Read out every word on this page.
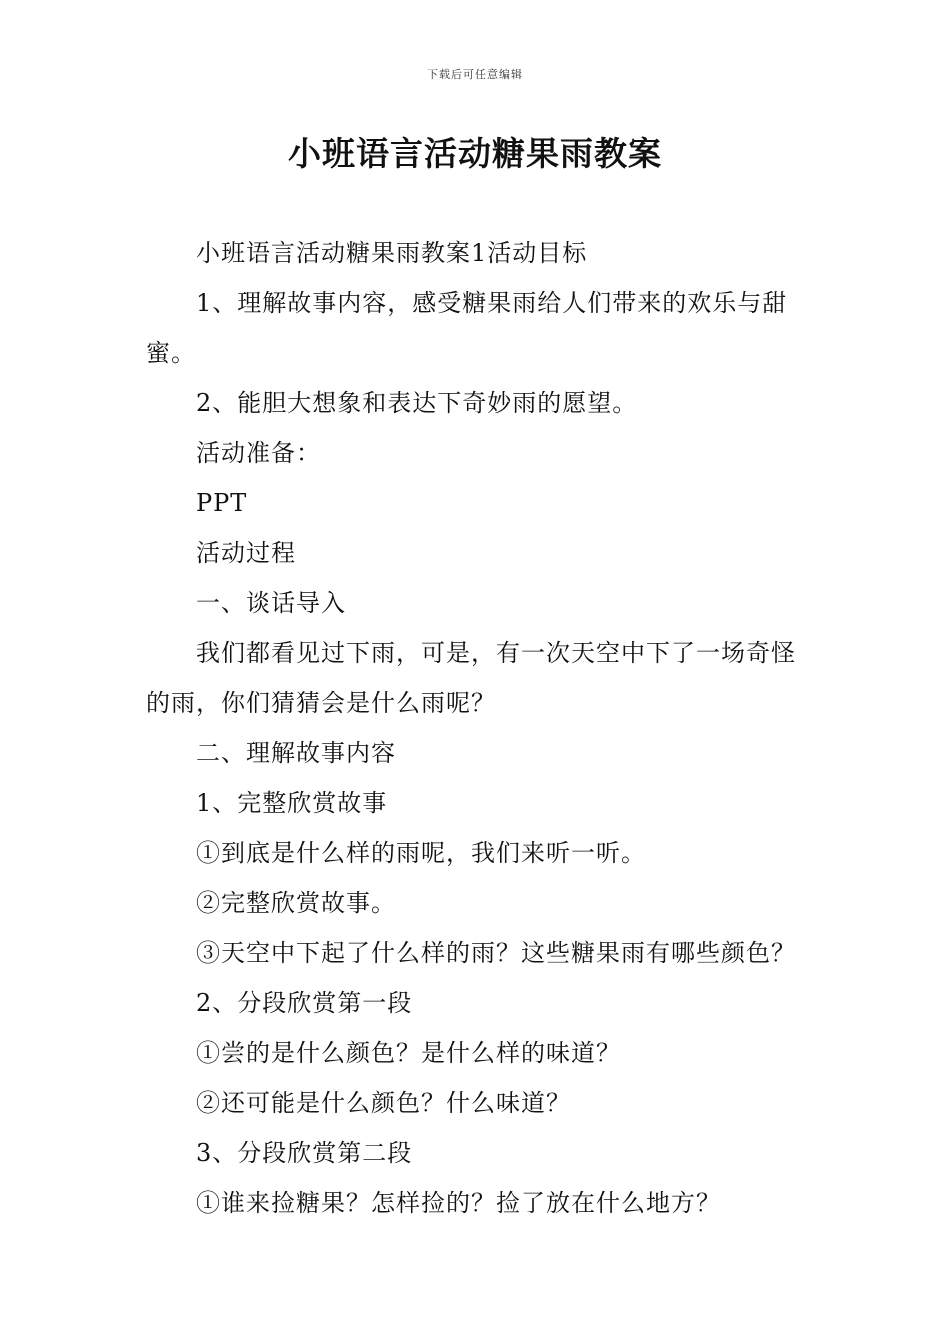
下载后可任意编辑
小班语言活动糖果雨教案

小班语言活动糖果雨教案1活动目标

1、理解故事内容，感受糖果雨给人们带来的欢乐与甜蜜。

2、能胆大想象和表达下奇妙雨的愿望。

活动准备：

PPT

活动过程

一、谈话导入

我们都看见过下雨，可是，有一次天空中下了一场奇怪的雨，你们猜猜会是什么雨呢？

二、理解故事内容

1、完整欣赏故事

①到底是什么样的雨呢，我们来听一听。

②完整欣赏故事。

③天空中下起了什么样的雨？这些糖果雨有哪些颜色？

2、分段欣赏第一段

①尝的是什么颜色？是什么样的味道？

②还可能是什么颜色？什么味道？

3、分段欣赏第二段

①谁来捡糖果？怎样捡的？捡了放在什么地方？
